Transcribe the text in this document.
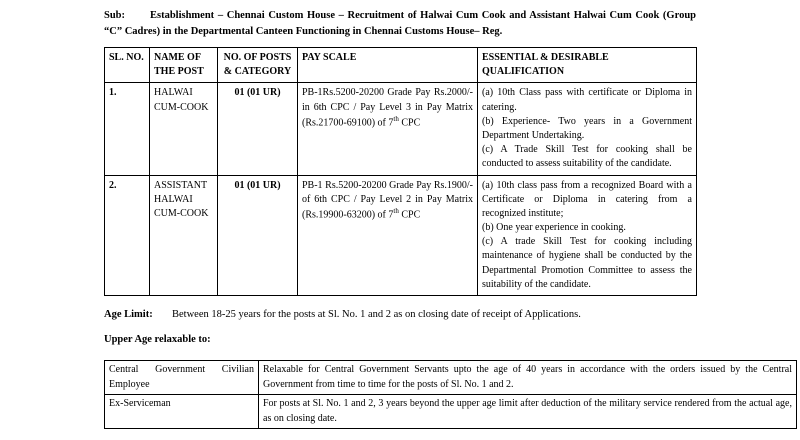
Sub: Establishment – Chennai Custom House – Recruitment of Halwai Cum Cook and Assistant Halwai Cum Cook (Group “C” Cadres) in the Departmental Canteen Functioning in Chennai Customs House– Reg.
SL. NO.	NAME OF THE POST	NO. OF POSTS & CATEGORY	PAY SCALE	ESSENTIAL & DESIRABLE QUALIFICATION
1.	HALWAI CUM-COOK	01 (01 UR)	PB-1Rs.5200-20200 Grade Pay Rs.2000/-in 6th CPC / Pay Level 3 in Pay Matrix (Rs.21700-69100) of 7th CPC	(a) 10th Class pass with certificate or Diploma in catering.
(b) Experience- Two years in a Government Department Undertaking.
(c) A Trade Skill Test for cooking shall be conducted to assess suitability of the candidate.

2.	ASSISTANT HALWAI CUM-COOK	01 (01 UR)	PB-1 Rs.5200-20200 Grade Pay Rs.1900/- of 6th CPC / Pay Level 2 in Pay Matrix (Rs.19900-63200) of 7th CPC	(a) 10th class pass from a recognized Board with a Certificate or Diploma in catering from a recognized institute;
(b) One year experience in cooking.
(c) A trade Skill Test for cooking including maintenance of hygiene shall be conducted by the Departmental Promotion Committee to assess the suitability of the candidate.
Age Limit: Between 18-25 years for the posts at Sl. No. 1 and 2 as on closing date of receipt of Applications.
Upper Age relaxable to:
Central Government Civilian Employee	Relaxable for Central Government Servants upto the age of 40 years in accordance with the orders issued by the Central Government from time to time for the posts of Sl. No. 1 and 2.
Ex-Serviceman	For posts at Sl. No. 1 and 2, 3 years beyond the upper age limit after deduction of the military service rendered from the actual age, as on closing date.
